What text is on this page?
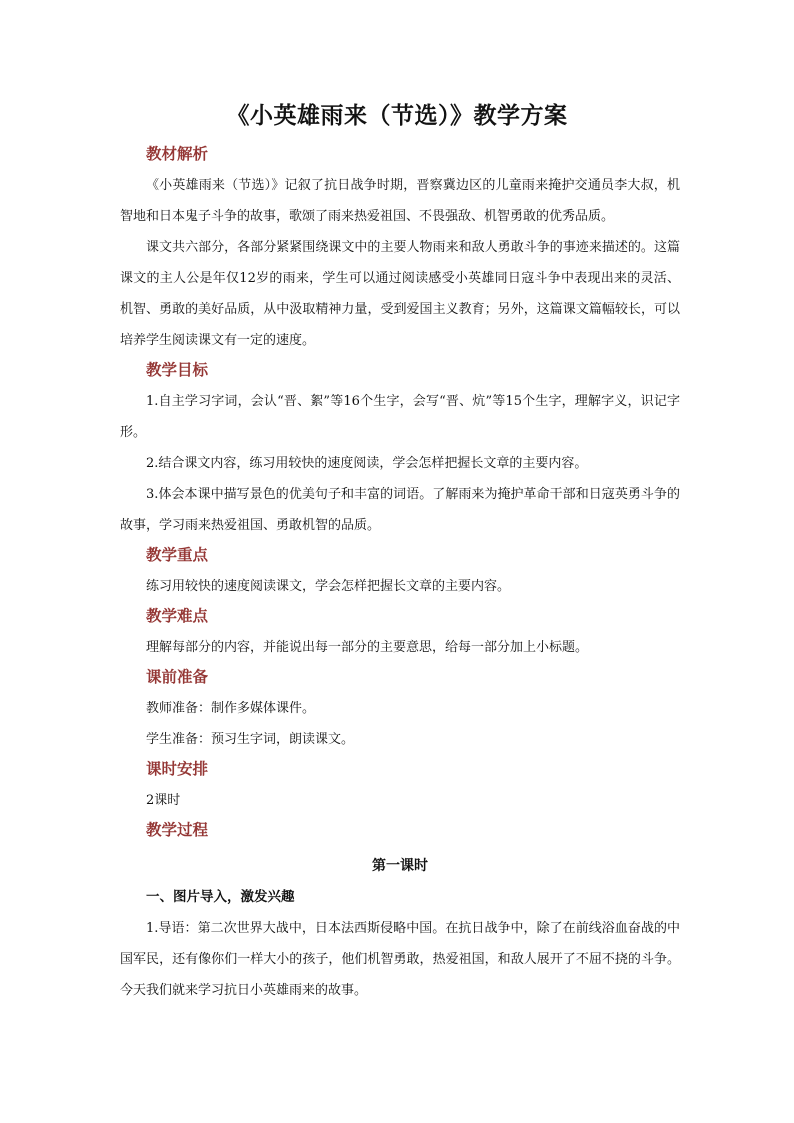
《小英雄雨来（节选）》教学方案
教材解析

《小英雄雨来（节选）》记叙了抗日战争时期，晋察冀边区的儿童雨来掩护交通员李大叔，机智地和日本鬼子斗争的故事，歌颂了雨来热爱祖国、不畏强敌、机智勇敢的优秀品质。

课文共六部分，各部分紧紧围绕课文中的主要人物雨来和敌人勇敢斗争的事迹来描述的。这篇课文的主人公是年仅12岁的雨来，学生可以通过阅读感受小英雄同日寇斗争中表现出来的灵活、机智、勇敢的美好品质，从中汲取精神力量，受到爱国主义教育；另外，这篇课文篇幅较长，可以培养学生阅读课文有一定的速度。

教学目标

1.自主学习字词，会认“晋、絮”等16个生字，会写“晋、炕”等15个生字，理解字义，识记字形。

2.结合课文内容，练习用较快的速度阅读，学会怎样把握长文章的主要内容。

3.体会本课中描写景色的优美句子和丰富的词语。了解雨来为掩护革命干部和日寇英勇斗争的故事，学习雨来热爱祖国、勇敢机智的品质。

教学重点

练习用较快的速度阅读课文，学会怎样把握长文章的主要内容。

教学难点

理解每部分的内容，并能说出每一部分的主要意思，给每一部分加上小标题。

课前准备

教师准备：制作多媒体课件。

学生准备：预习生字词，朗读课文。

课时安排

2课时

教学过程
第一课时
一、图片导入，激发兴趣

1.导语：第二次世界大战中，日本法西斯侵略中国。在抗日战争中，除了在前线浴血奋战的中国军民，还有像你们一样大小的孩子，他们机智勇敢，热爱祖国，和敌人展开了不屈不挠的斗争。今天我们就来学习抗日小英雄雨来的故事。
